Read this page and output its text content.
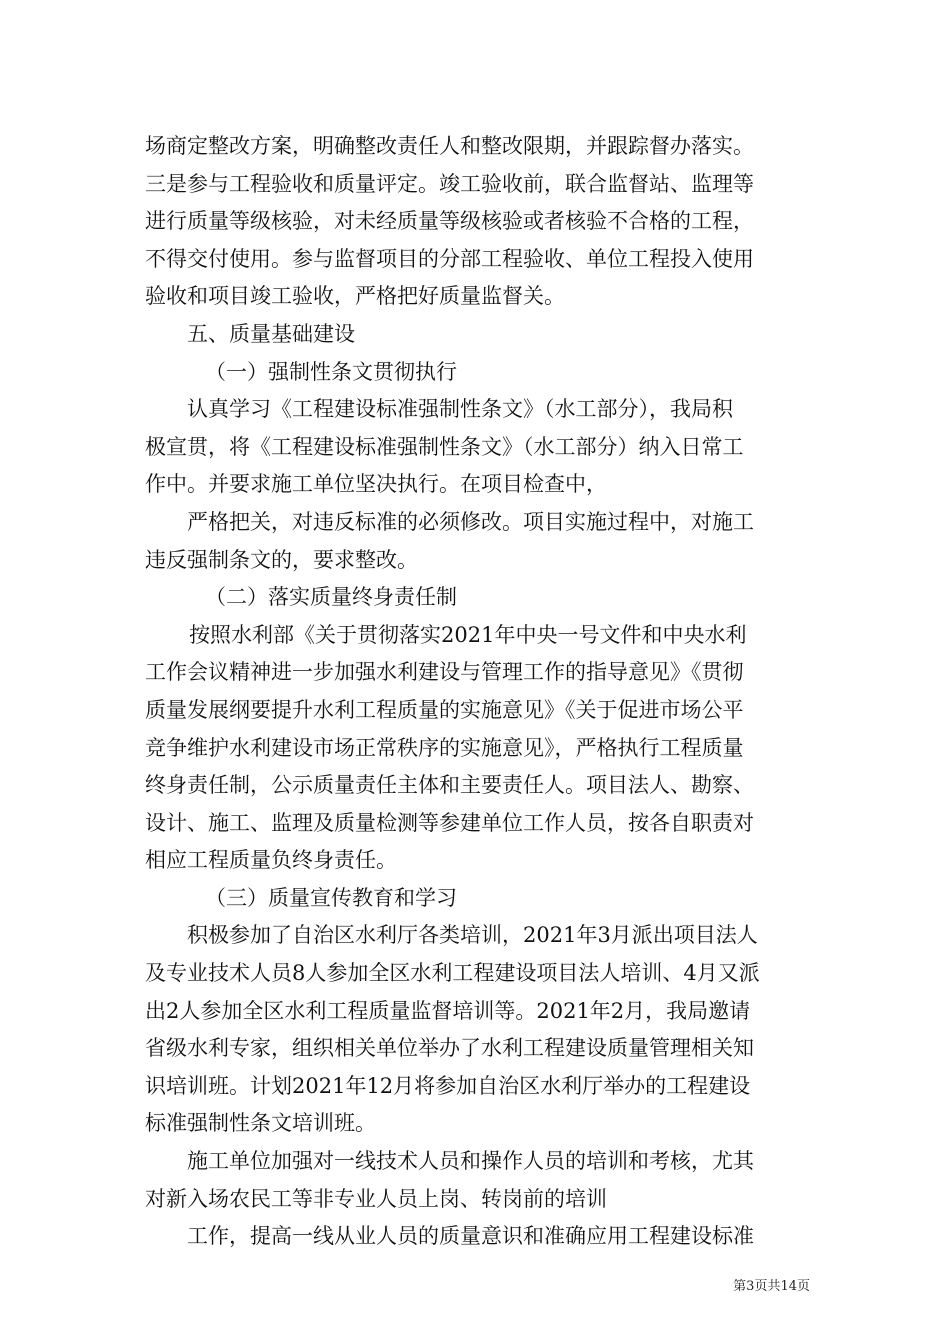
场商定整改方案，明确整改责任人和整改限期，并跟踪督办落实。
三是参与工程验收和质量评定。竣工验收前，联合监督站、监理等
进行质量等级核验，对未经质量等级核验或者核验不合格的工程，
不得交付使用。参与监督项目的分部工程验收、单位工程投入使用
验收和项目竣工验收，严格把好质量监督关。
五、质量基础建设
（一）强制性条文贯彻执行
认真学习《工程建设标准强制性条文》（水工部分），我局积
极宣贯，将《工程建设标准强制性条文》（水工部分）纳入日常工
作中。并要求施工单位坚决执行。在项目检查中，
严格把关，对违反标准的必须修改。项目实施过程中，对施工
违反强制条文的，要求整改。
（二）落实质量终身责任制
按照水利部《关于贯彻落实2021年中央一号文件和中央水利
工作会议精神进一步加强水利建设与管理工作的指导意见》《贯彻
质量发展纲要提升水利工程质量的实施意见》《关于促进市场公平
竞争维护水利建设市场正常秩序的实施意见》，严格执行工程质量
终身责任制，公示质量责任主体和主要责任人。项目法人、勘察、
设计、施工、监理及质量检测等参建单位工作人员，按各自职责对
相应工程质量负终身责任。
（三）质量宣传教育和学习
积极参加了自治区水利厅各类培训，2021年3月派出项目法人
及专业技术人员8人参加全区水利工程建设项目法人培训、4月又派
出2人参加全区水利工程质量监督培训等。2021年2月，我局邀请
省级水利专家，组织相关单位举办了水利工程建设质量管理相关知
识培训班。计划2021年12月将参加自治区水利厅举办的工程建设
标准强制性条文培训班。
施工单位加强对一线技术人员和操作人员的培训和考核，尤其
对新入场农民工等非专业人员上岗、转岗前的培训
工作，提高一线从业人员的质量意识和准确应用工程建设标准
第3页共14页
